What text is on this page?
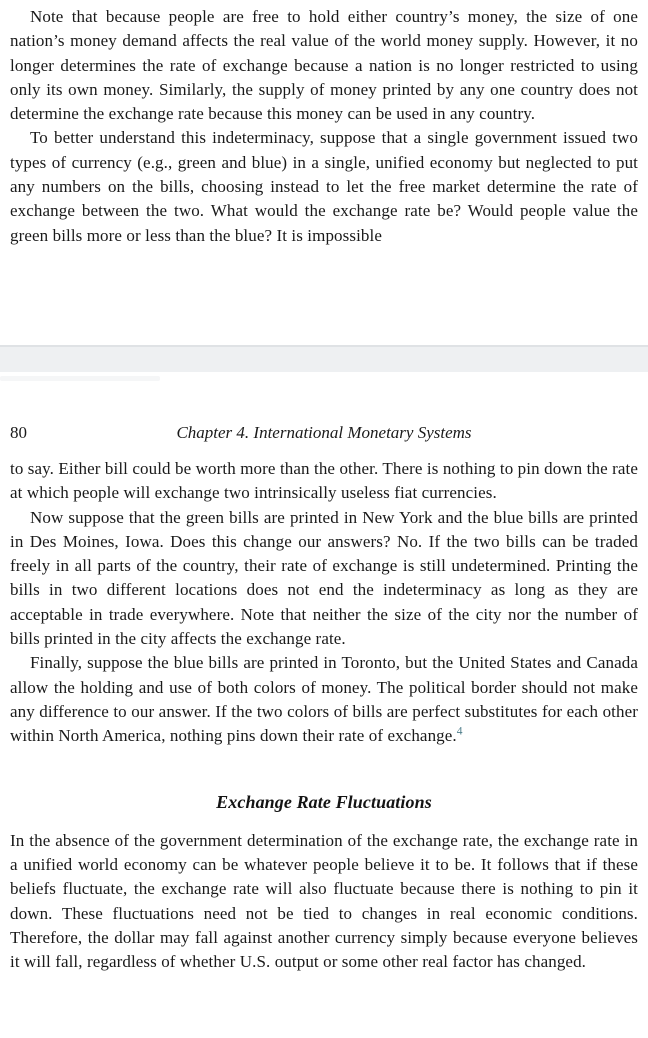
Note that because people are free to hold either country’s money, the size of one nation’s money demand affects the real value of the world money supply. However, it no longer determines the rate of exchange because a nation is no longer restricted to using only its own money. Similarly, the supply of money printed by any one country does not determine the exchange rate because this money can be used in any country.

To better understand this indeterminacy, suppose that a single government issued two types of currency (e.g., green and blue) in a single, unified economy but neglected to put any numbers on the bills, choosing instead to let the free market determine the rate of exchange between the two. What would the exchange rate be? Would people value the green bills more or less than the blue? It is impossible

80	Chapter 4. International Monetary Systems

to say. Either bill could be worth more than the other. There is nothing to pin down the rate at which people will exchange two intrinsically useless fiat currencies.

Now suppose that the green bills are printed in New York and the blue bills are printed in Des Moines, Iowa. Does this change our answers? No. If the two bills can be traded freely in all parts of the country, their rate of exchange is still undetermined. Printing the bills in two different locations does not end the indeterminacy as long as they are acceptable in trade everywhere. Note that neither the size of the city nor the number of bills printed in the city affects the exchange rate.

Finally, suppose the blue bills are printed in Toronto, but the United States and Canada allow the holding and use of both colors of money. The political border should not make any difference to our answer. If the two colors of bills are perfect substitutes for each other within North America, nothing pins down their rate of exchange.$^4$

Exchange Rate Fluctuations

In the absence of the government determination of the exchange rate, the exchange rate in a unified world economy can be whatever people believe it to be. It follows that if these beliefs fluctuate, the exchange rate will also fluctuate because there is nothing to pin it down. These fluctuations need not be tied to changes in real economic conditions. Therefore, the dollar may fall against another currency simply because everyone believes it will fall, regardless of whether U.S. output or some other real factor has changed.
